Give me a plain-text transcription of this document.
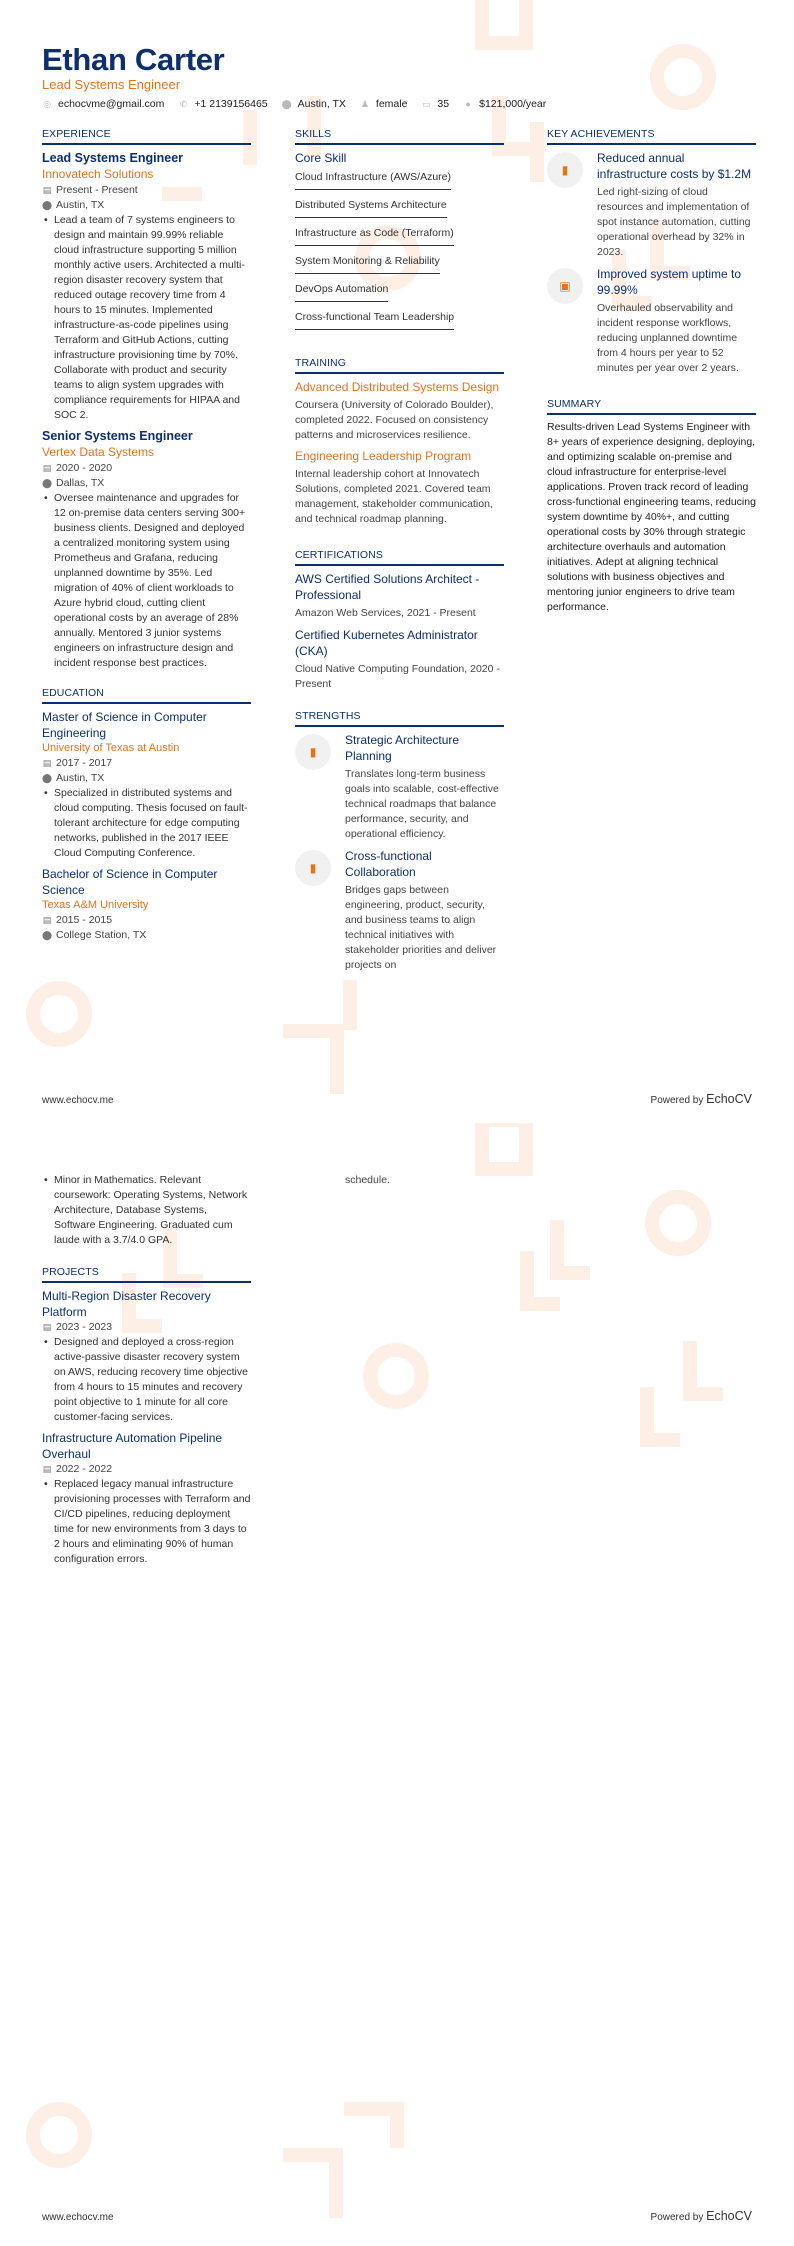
Ethan Carter
Lead Systems Engineer
◎ echocvme@gmail.com ✆ +1 2139156465 ⬤ Austin, TX ♟ female ▭ 35 ● $121,000/year
EXPERIENCE
Lead Systems Engineer
Innovatech Solutions
▤ Present - Present
⬤ Austin, TX
• Lead a team of 7 systems engineers to design and maintain 99.99% reliable cloud infrastructure supporting 5 million monthly active users. Architected a multi-region disaster recovery system that reduced outage recovery time from 4 hours to 15 minutes. Implemented infrastructure-as-code pipelines using Terraform and GitHub Actions, cutting infrastructure provisioning time by 70%. Collaborate with product and security teams to align system upgrades with compliance requirements for HIPAA and SOC 2.
Senior Systems Engineer
Vertex Data Systems
▤ 2020 - 2020
⬤ Dallas, TX
• Oversee maintenance and upgrades for 12 on-premise data centers serving 300+ business clients. Designed and deployed a centralized monitoring system using Prometheus and Grafana, reducing unplanned downtime by 35%. Led migration of 40% of client workloads to Azure hybrid cloud, cutting client operational costs by an average of 28% annually. Mentored 3 junior systems engineers on infrastructure design and incident response best practices.
EDUCATION
Master of Science in Computer Engineering
University of Texas at Austin
▤ 2017 - 2017
⬤ Austin, TX
• Specialized in distributed systems and cloud computing. Thesis focused on fault-tolerant architecture for edge computing networks, published in the 2017 IEEE Cloud Computing Conference.
Bachelor of Science in Computer Science
Texas A&M University
▤ 2015 - 2015
⬤ College Station, TX
SKILLS
Core Skill
Cloud Infrastructure (AWS/Azure)
Distributed Systems Architecture
Infrastructure as Code (Terraform)
System Monitoring & Reliability
DevOps Automation
Cross-functional Team Leadership
TRAINING
Advanced Distributed Systems Design
Coursera (University of Colorado Boulder), completed 2022. Focused on consistency patterns and microservices resilience.
Engineering Leadership Program
Internal leadership cohort at Innovatech Solutions, completed 2021. Covered team management, stakeholder communication, and technical roadmap planning.
CERTIFICATIONS
AWS Certified Solutions Architect - Professional
Amazon Web Services, 2021 - Present
Certified Kubernetes Administrator (CKA)
Cloud Native Computing Foundation, 2020 - Present
STRENGTHS
▮
Strategic Architecture Planning
Translates long-term business goals into scalable, cost-effective technical roadmaps that balance performance, security, and operational efficiency.
▮
Cross-functional Collaboration
Bridges gaps between engineering, product, security, and business teams to align technical initiatives with stakeholder priorities and deliver projects on
KEY ACHIEVEMENTS
▮
Reduced annual infrastructure costs by $1.2M
Led right-sizing of cloud resources and implementation of spot instance automation, cutting operational overhead by 32% in 2023.
▣
Improved system uptime to 99.99%
Overhauled observability and incident response workflows, reducing unplanned downtime from 4 hours per year to 52 minutes per year over 2 years.
SUMMARY
Results-driven Lead Systems Engineer with 8+ years of experience designing, deploying, and optimizing scalable on-premise and cloud infrastructure for enterprise-level applications. Proven track record of leading cross-functional engineering teams, reducing system downtime by 40%+, and cutting operational costs by 30% through strategic architecture overhauls and automation initiatives. Adept at aligning technical solutions with business objectives and mentoring junior engineers to drive team performance.
www.echocv.me	Powered by EchoCV
• Minor in Mathematics. Relevant coursework: Operating Systems, Network Architecture, Database Systems, Software Engineering. Graduated cum laude with a 3.7/4.0 GPA.
PROJECTS
Multi-Region Disaster Recovery Platform
▤ 2023 - 2023
• Designed and deployed a cross-region active-passive disaster recovery system on AWS, reducing recovery time objective from 4 hours to 15 minutes and recovery point objective to 1 minute for all core customer-facing services.
Infrastructure Automation Pipeline Overhaul
▤ 2022 - 2022
• Replaced legacy manual infrastructure provisioning processes with Terraform and CI/CD pipelines, reducing deployment time for new environments from 3 days to 2 hours and eliminating 90% of human configuration errors.
schedule.
www.echocv.me	Powered by EchoCV
